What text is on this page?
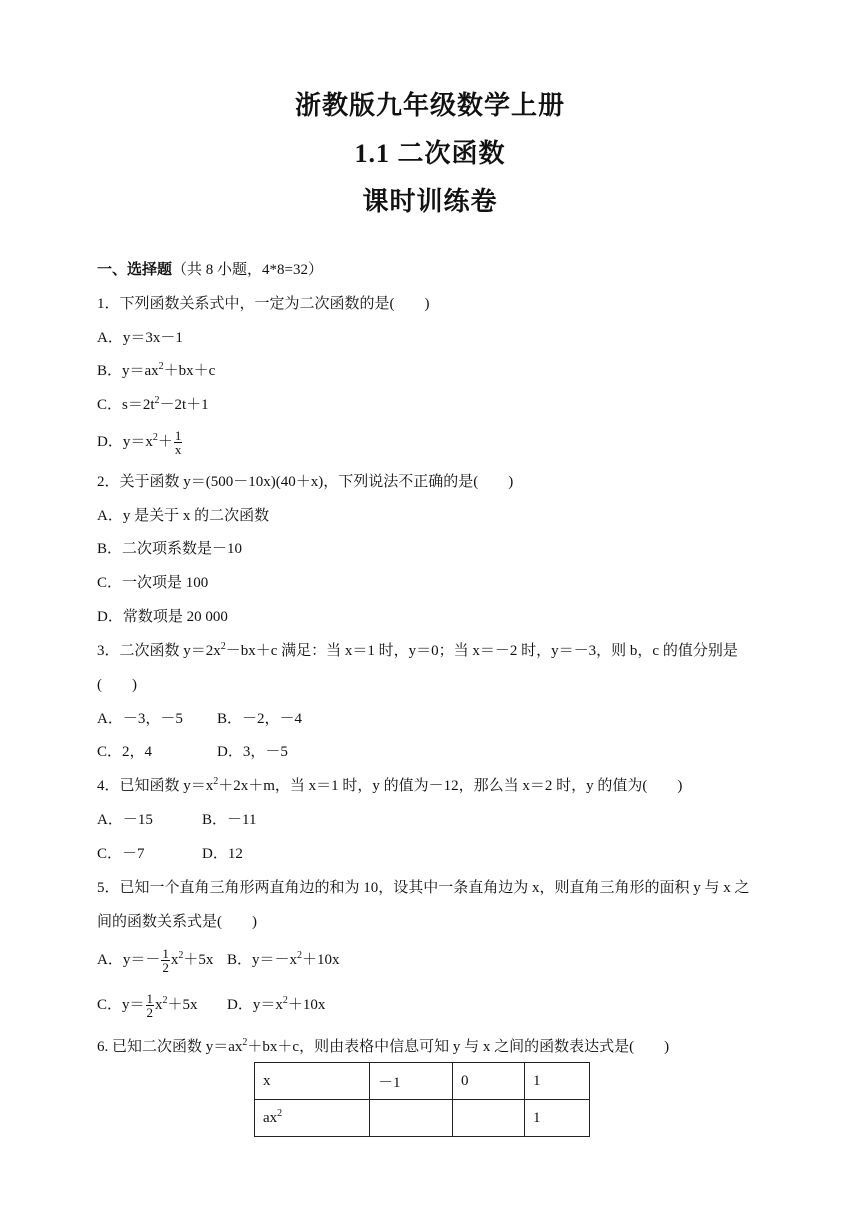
浙教版九年级数学上册
1.1 二次函数
课时训练卷
一、选择题（共 8 小题，4*8=32）
1．下列函数关系式中，一定为二次函数的是(　　)
A．y＝3x－1
B．$y=ax^2+bx+c$
C．$s=2t^2-2t+1$
D．$y=x^2+ \frac{1}{x}$
2．关于函数 y＝(500－10x)(40＋x)，下列说法不正确的是(　　)
A．y 是关于 x 的二次函数
B．二次项系数是－10
C．一次项是 100
D．常数项是 20 000
3．二次函数 $y=2x^2-bx+c$ 满足：当 x＝1 时，y＝0；当 x＝－2 时，y＝－3，则 b，c 的值分别是
(　　)
A．－3，－5 B．－2，－4
C．2，4	D．3，－5
4．已知函数 $y=x^2+2x+m$，当 x＝1 时，y 的值为－12，那么当 x＝2 时，y 的值为(　　)
A．－15	B．－11
C．－7	D．12
5．已知一个直角三角形两直角边的和为 10，设其中一条直角边为 x，则直角三角形的面积 y 与 x 之
间的函数关系式是(　　)
A．$y=- \frac{1}{2} x^2+5x$ B．$y=-x^2+10x$
C．$y= \frac{1}{2} x^2+5x$ D．$y=x^2+10x$
6. 已知二次函数 $y=ax^2+bx+c$，则由表格中信息可知 y 与 x 之间的函数表达式是(　　)
x	－1	0	1
$ax^2$			1
